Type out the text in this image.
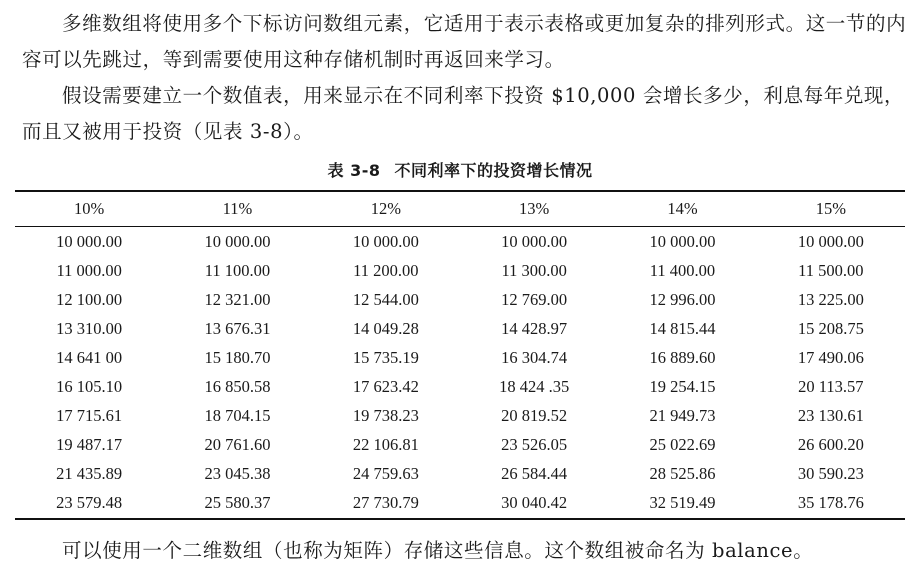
多维数组将使用多个下标访问数组元素，它适用于表示表格或更加复杂的排列形式。这一节的内容可以先跳过，等到需要使用这种存储机制时再返回来学习。

假设需要建立一个数值表，用来显示在不同利率下投资 $10,000 会增长多少，利息每年兑现，而且又被用于投资（见表 3-8）。

表 3-8 不同利率下的投资增长情况
10%	11%	12%	13%	14%	15%
10 000.00	10 000.00	10 000.00	10 000.00	10 000.00	10 000.00
11 000.00	11 100.00	11 200.00	11 300.00	11 400.00	11 500.00
12 100.00	12 321.00	12 544.00	12 769.00	12 996.00	13 225.00
13 310.00	13 676.31	14 049.28	14 428.97	14 815.44	15 208.75
14 641 00	15 180.70	15 735.19	16 304.74	16 889.60	17 490.06
16 105.10	16 850.58	17 623.42	18 424 .35	19 254.15	20 113.57
17 715.61	18 704.15	19 738.23	20 819.52	21 949.73	23 130.61
19 487.17	20 761.60	22 106.81	23 526.05	25 022.69	26 600.20
21 435.89	23 045.38	24 759.63	26 584.44	28 525.86	30 590.23
23 579.48	25 580.37	27 730.79	30 040.42	32 519.49	35 178.76

可以使用一个二维数组（也称为矩阵）存储这些信息。这个数组被命名为 balance。
